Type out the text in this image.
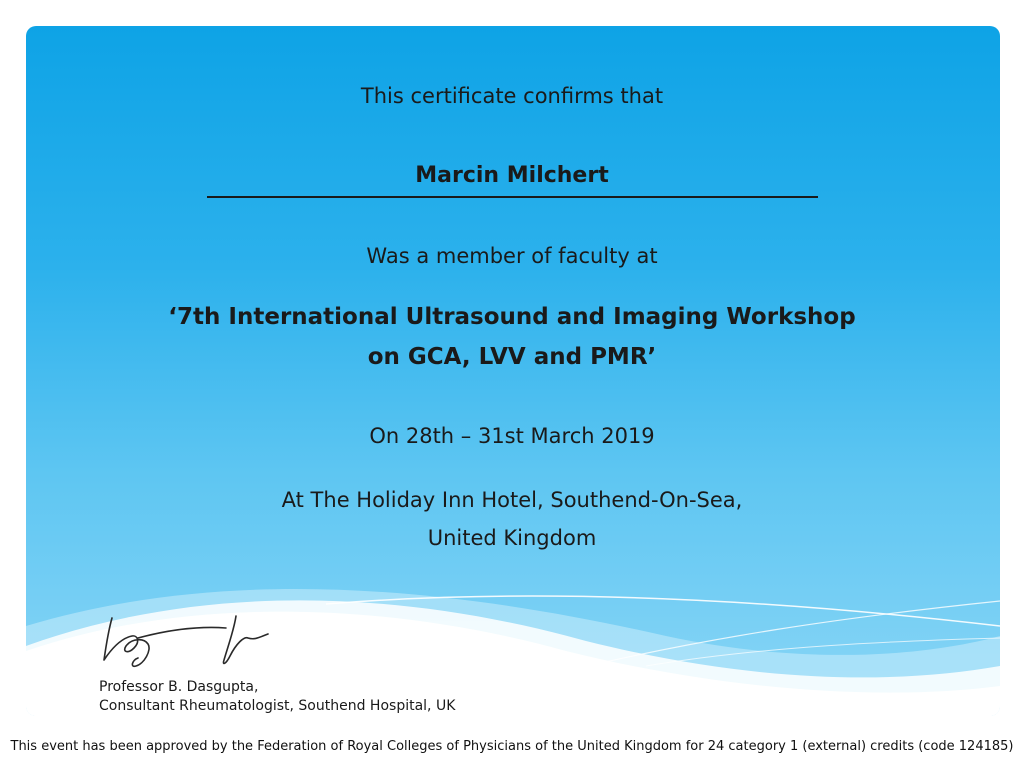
This certificate confirms that
Marcin Milchert
Was a member of faculty at
‘7th International Ultrasound and Imaging Workshop
on GCA, LVV and PMR’
On 28th – 31st March 2019
At The Holiday Inn Hotel, Southend-On-Sea,
United Kingdom
Professor B. Dasgupta,
Consultant Rheumatologist, Southend Hospital, UK
This event has been approved by the Federation of Royal Colleges of Physicians of the United Kingdom for 24 category 1 (external) credits (code 124185)
